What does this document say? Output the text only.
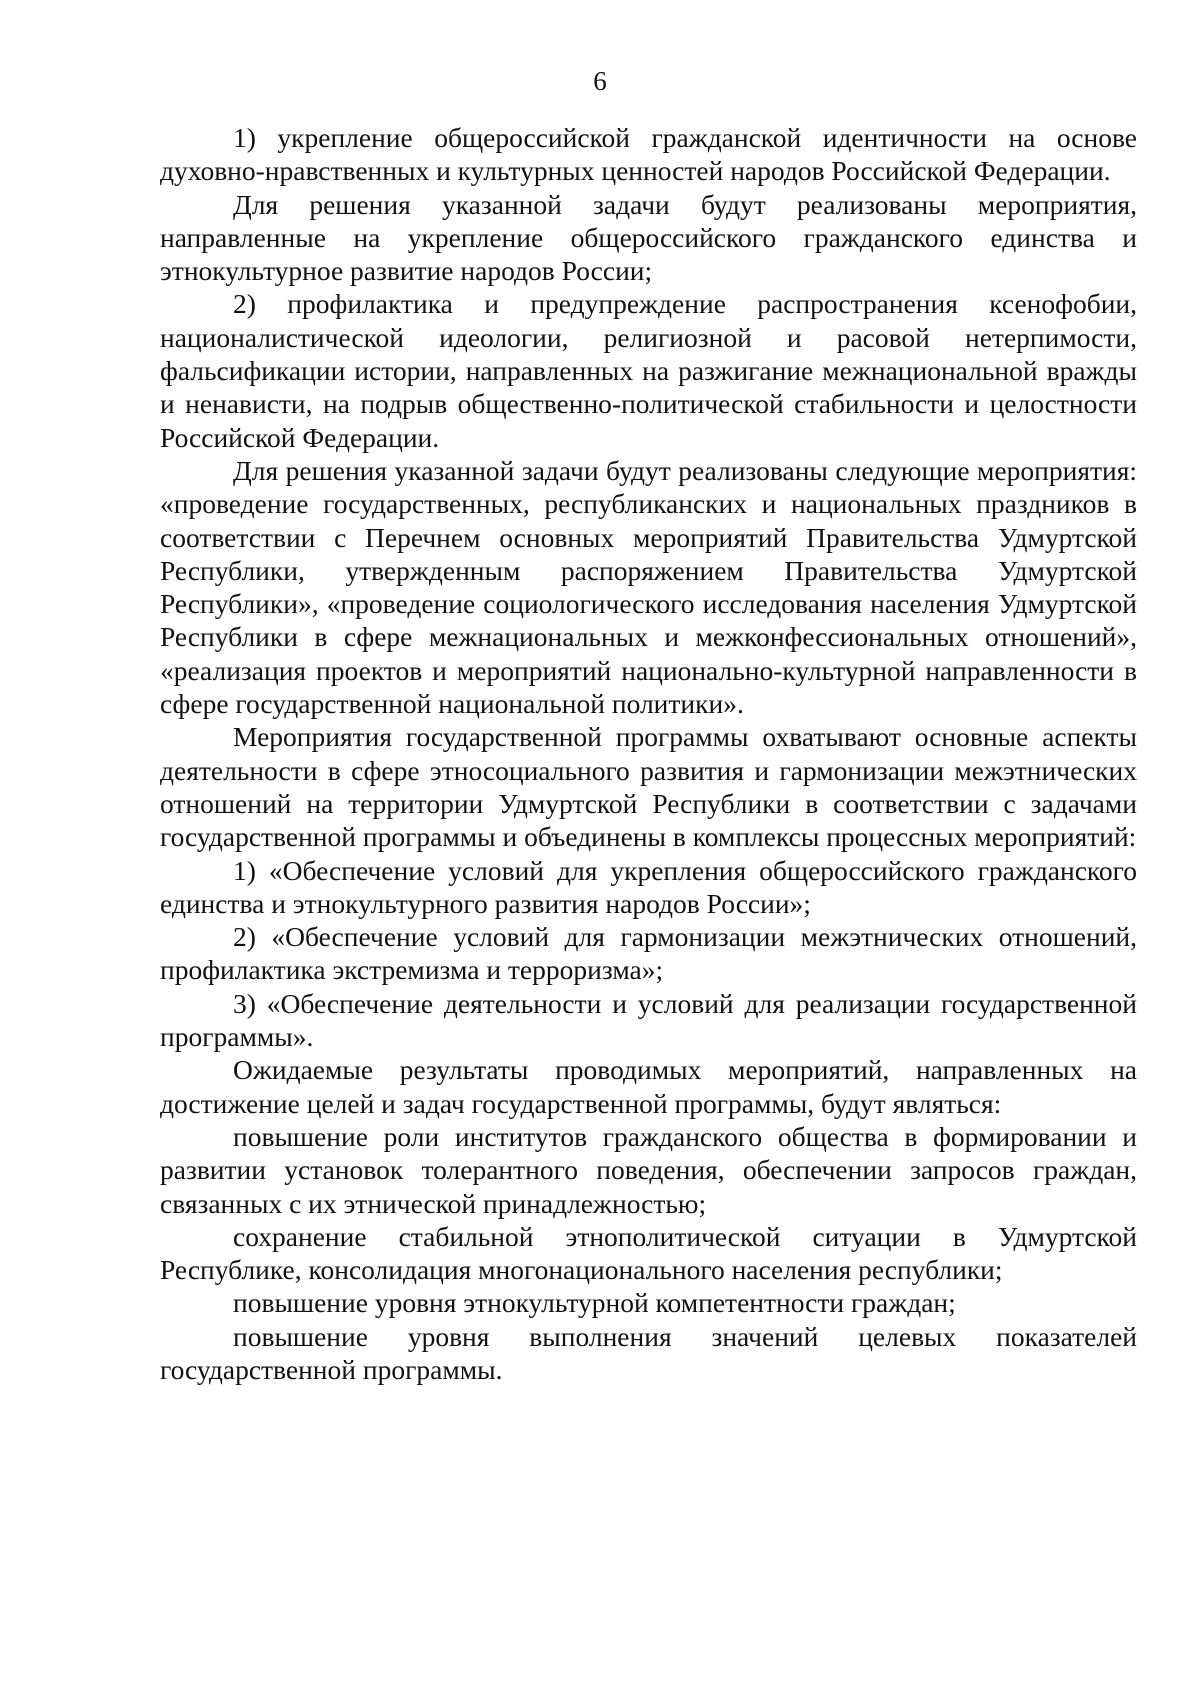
6

1) укрепление общероссийской гражданской идентичности на основе духовно-нравственных и культурных ценностей народов Российской Федерации.

Для решения указанной задачи будут реализованы мероприятия, направленные на укрепление общероссийского гражданского единства и этнокультурное развитие народов России;

2) профилактика и предупреждение распространения ксенофобии, националистической идеологии, религиозной и расовой нетерпимости, фальсификации истории, направленных на разжигание межнациональной вражды и ненависти, на подрыв общественно-политической стабильности и целостности Российской Федерации.

Для решения указанной задачи будут реализованы следующие мероприятия: «проведение государственных, республиканских и национальных праздников в соответствии с Перечнем основных мероприятий Правительства Удмуртской Республики, утвержденным распоряжением Правительства Удмуртской Республики», «проведение социологического исследования населения Удмуртской Республики в сфере межнациональных и межконфессиональных отношений», «реализация проектов и мероприятий национально-культурной направленности в сфере государственной национальной политики».

Мероприятия государственной программы охватывают основные аспекты деятельности в сфере этносоциального развития и гармонизации межэтнических отношений на территории Удмуртской Республики в соответствии с задачами государственной программы и объединены в комплексы процессных мероприятий:

1) «Обеспечение условий для укрепления общероссийского гражданского единства и этнокультурного развития народов России»;

2) «Обеспечение условий для гармонизации межэтнических отношений, профилактика экстремизма и терроризма»;

3) «Обеспечение деятельности и условий для реализации государственной программы».

Ожидаемые результаты проводимых мероприятий, направленных на достижение целей и задач государственной программы, будут являться:

повышение роли институтов гражданского общества в формировании и развитии установок толерантного поведения, обеспечении запросов граждан, связанных с их этнической принадлежностью;

сохранение стабильной этнополитической ситуации в Удмуртской Республике, консолидация многонационального населения республики;

повышение уровня этнокультурной компетентности граждан;

повышение уровня выполнения значений целевых показателей государственной программы.
